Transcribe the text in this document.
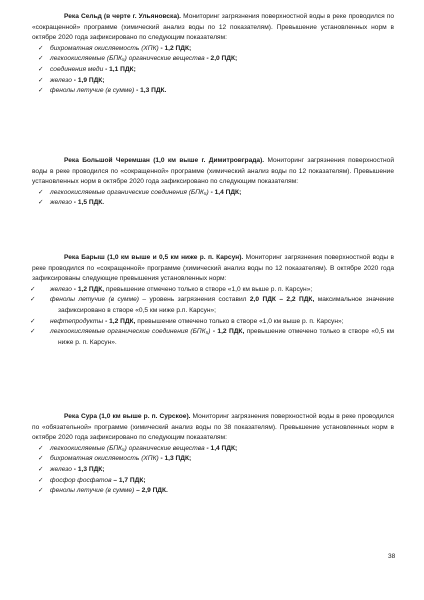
Река Сельд (в черте г. Ульяновска). Мониторинг загрязнения поверхностной воды в реке проводился по «сокращенной» программе (химический анализ воды по 12 показателям). Превышение установленных норм в октябре 2020 года зафиксировано по следующим показателям:

✓ бихроматная окисляемость (ХПК) - 1,2 ПДК;
✓ легкоокисляемые (БПК₅) органические вещества - 2,0 ПДК;
✓ соединения меди - 1,1 ПДК;
✓ железо - 1,9 ПДК;
✓ фенолы летучие (в сумме) - 1,3 ПДК.

Река Большой Черемшан (1,0 км выше г. Димитровграда). Мониторинг загрязнения поверхностной воды в реке проводился по «сокращенной» программе (химический анализ воды по 12 показателям). Превышение установленных норм в октябре 2020 года зафиксировано по следующим показателям:

✓ легкоокисляемые органические соединения (БПК₅) - 1,4 ПДК;
✓ железо - 1,5 ПДК.

Река Барыш (1,0 км выше и 0,5 км ниже р. п. Карсун). Мониторинг загрязнения поверхностной воды в реке проводился по «сокращенной» программе (химический анализ воды по 12 показателям). В октябре 2020 года зафиксированы следующие превышения установленных норм:

✓	железо - 1,2 ПДК, превышение отмечено только в створе «1,0 км выше р. п. Карсун»;
✓	фенолы летучие (в сумме) – уровень загрязнения составил 2,0 ПДК – 2,2 ПДК, максимальное значение зафиксировано в створе «0,5 км ниже р.п. Карсун»;
✓	нефтепродукты - 1,2 ПДК, превышение отмечено только в створе «1,0 км выше р. п. Карсун»;
✓	легкоокисляемые органические соединения (БПК₅) - 1,2 ПДК, превышение отмечено только в створе «0,5 км ниже р. п. Карсун».

Река Сура (1,0 км выше р. п. Сурское). Мониторинг загрязнения поверхностной воды в реке проводился по «обязательной» программе (химический анализ воды по 38 показателям). Превышение установленных норм в октябре 2020 года зафиксировано по следующим показателям:

✓ легкоокисляемые (БПК₅) органические вещества - 1,4 ПДК;
✓ бихроматная окисляемость (ХПК) - 1,3 ПДК;
✓ железо - 1,3 ПДК;
✓ фосфор фосфатов – 1,7 ПДК;
✓ фенолы летучие (в сумме) – 2,9 ПДК.
38
